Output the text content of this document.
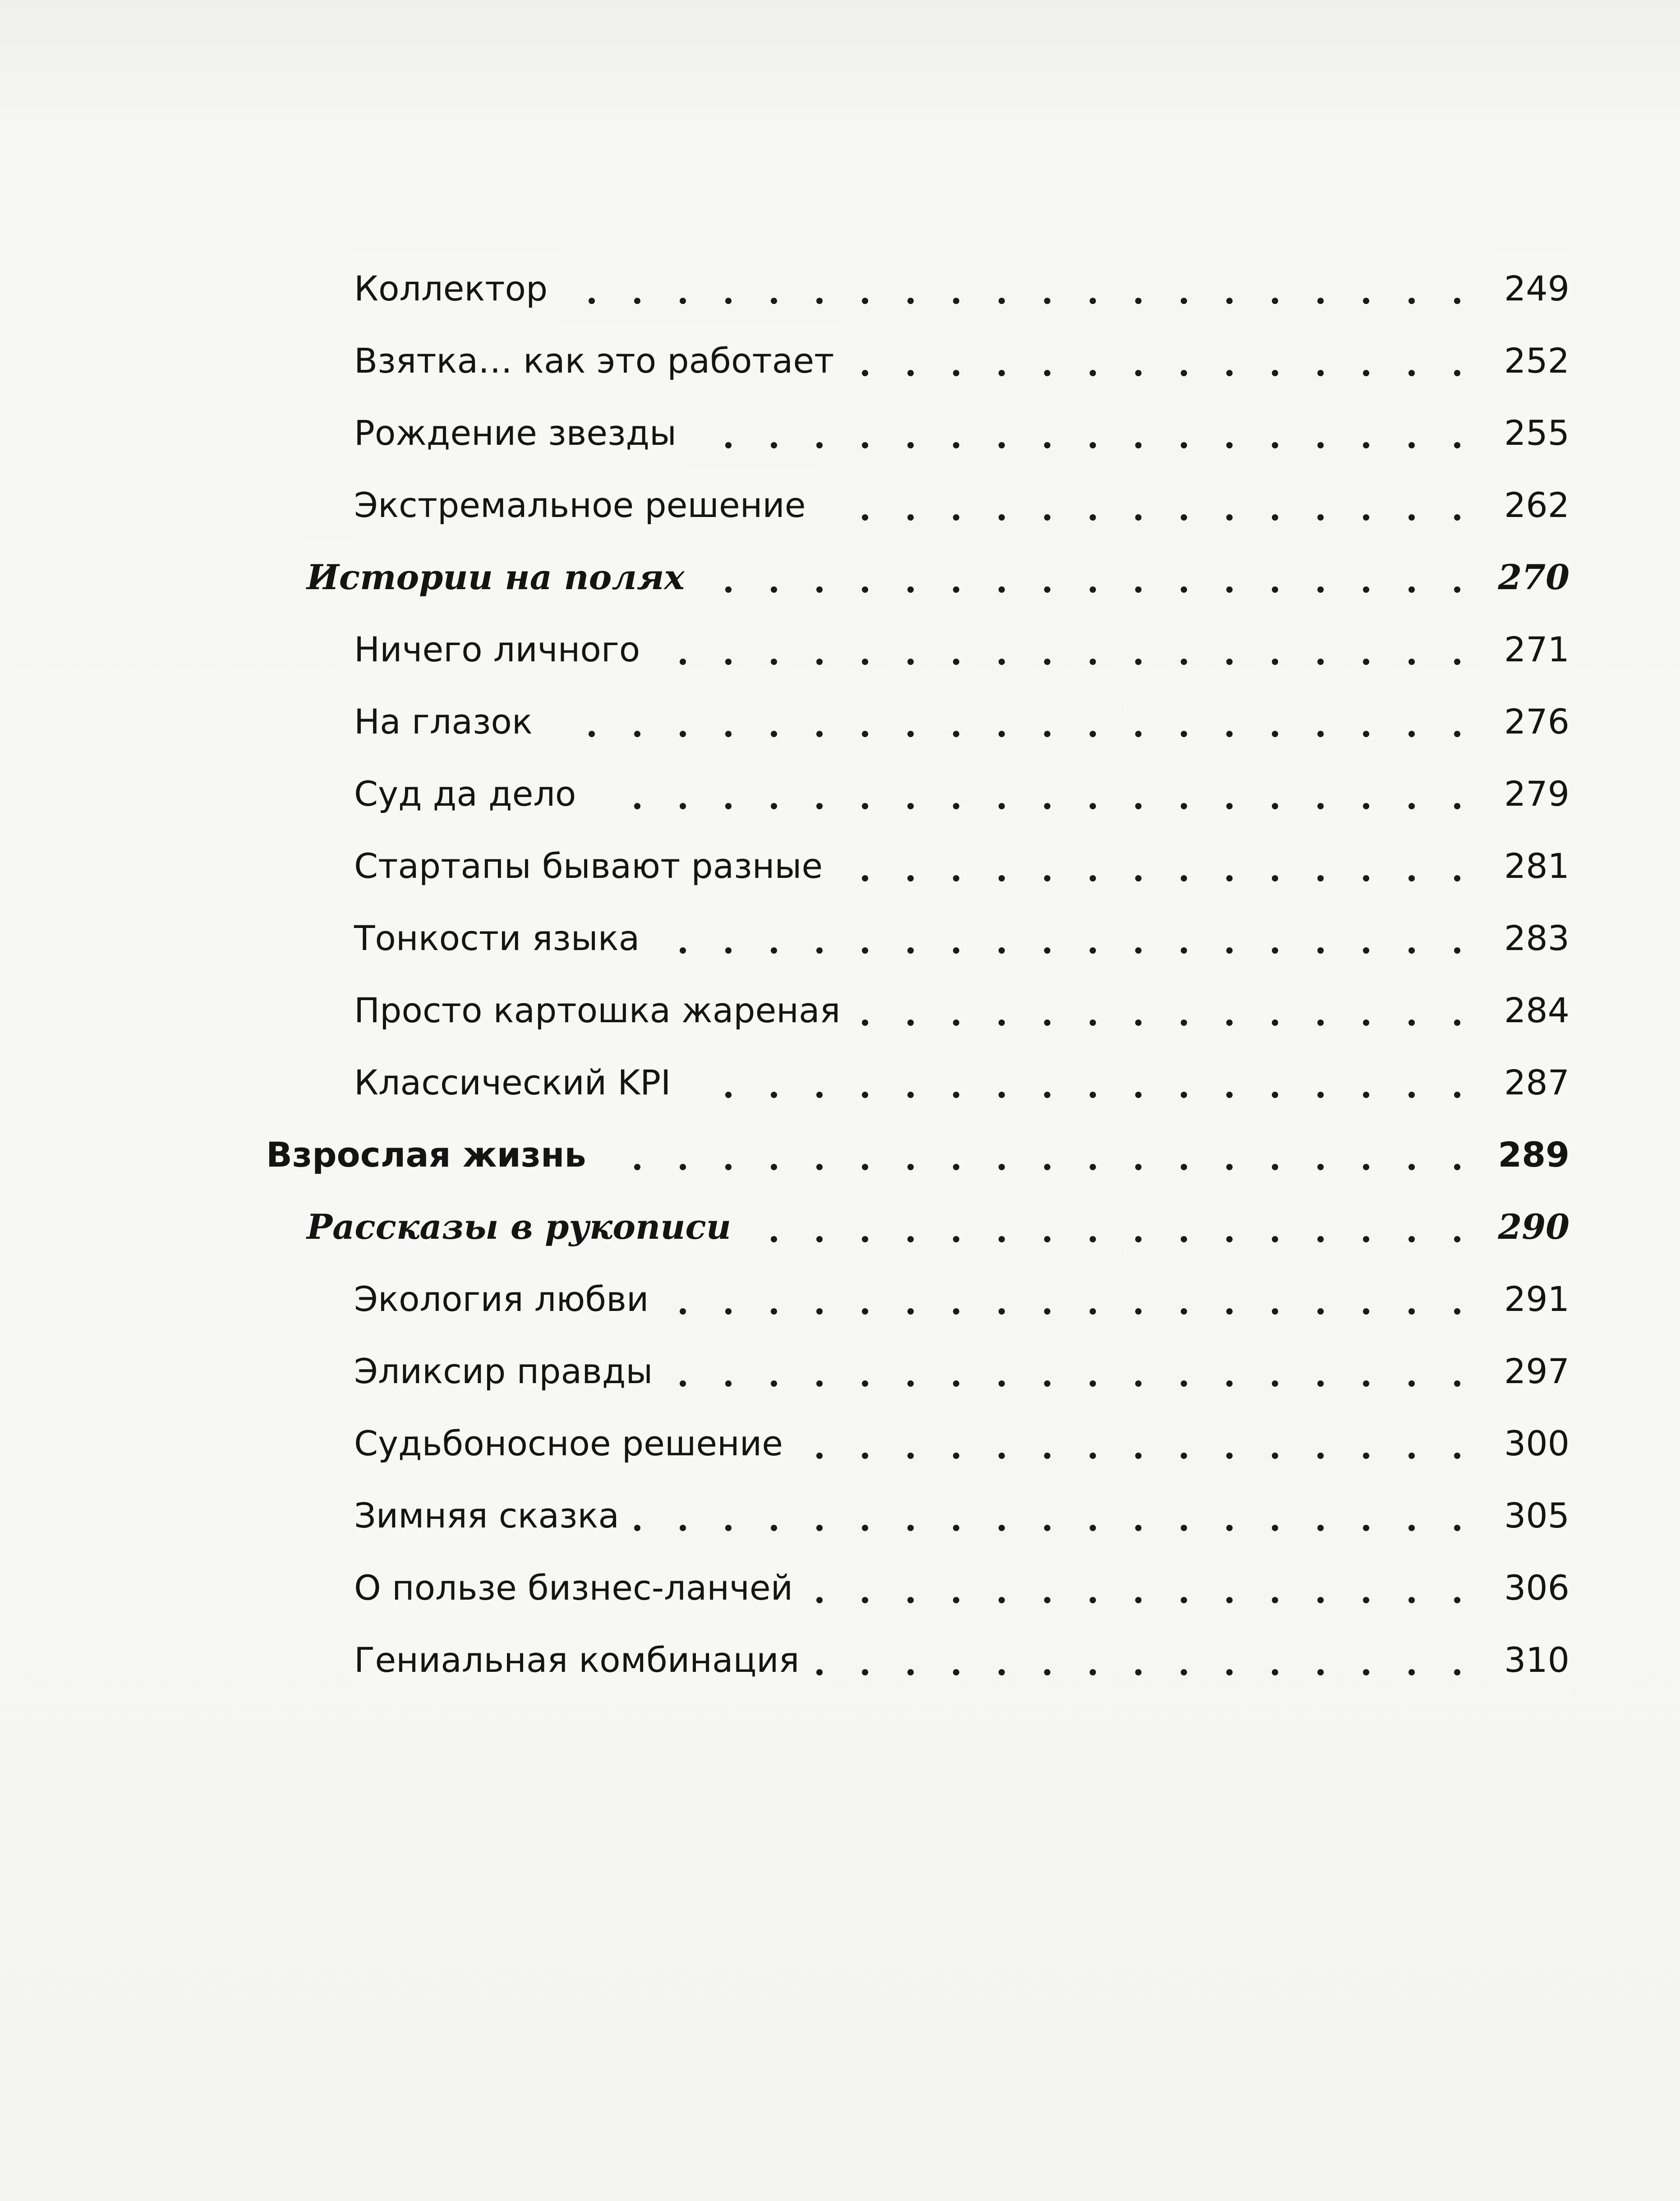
Коллектор	249
Взятка… как это работает	252
Рождение звезды	255
Экстремальное решение	262
Истории на полях	270
Ничего личного	271
На глазок	276
Суд да дело	279
Стартапы бывают разные	281
Тонкости языка	283
Просто картошка жареная	284
Классический KPI	287
Взрослая жизнь	289
Рассказы в рукописи	290
Экология любви	291
Эликсир правды	297
Судьбоносное решение	300
Зимняя сказка	305
О пользе бизнес-ланчей	306
Гениальная комбинация	310
